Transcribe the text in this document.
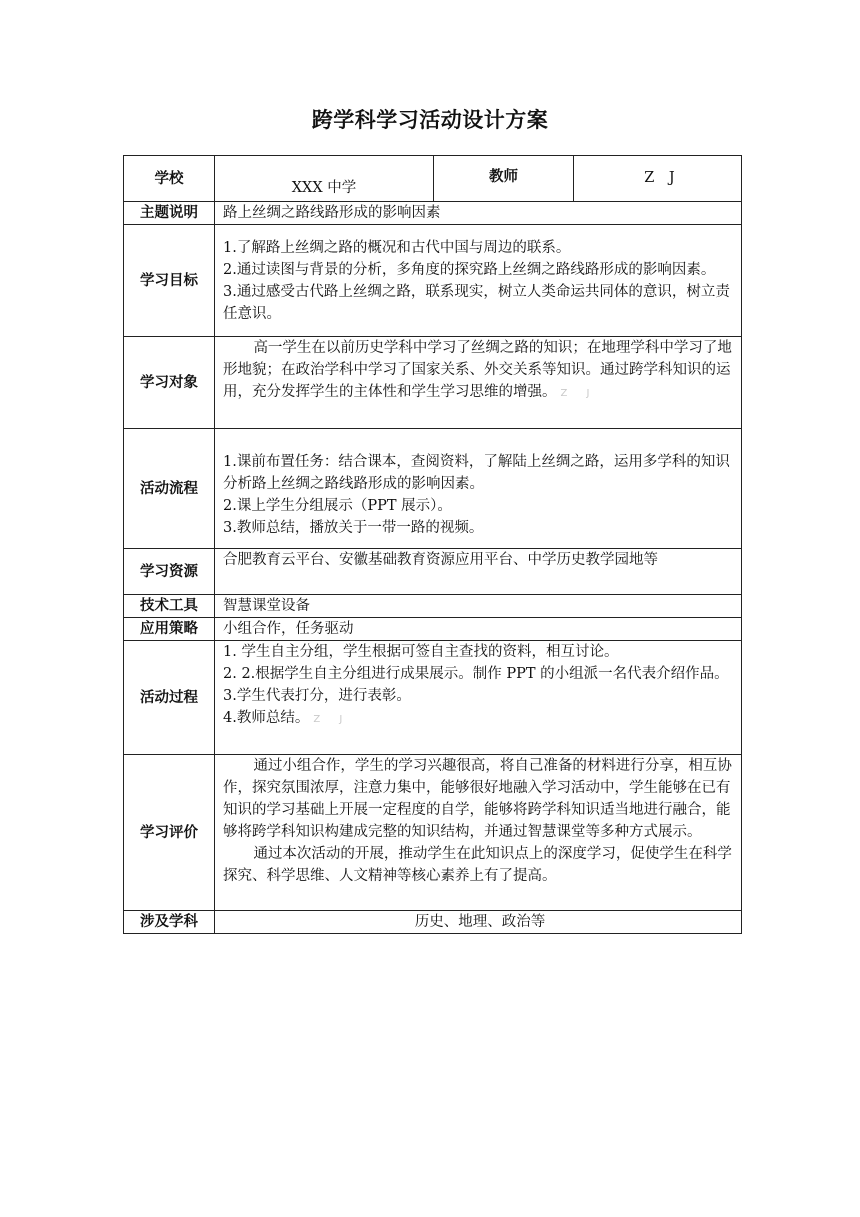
跨学科学习活动设计方案
学校	XXX 中学	教师	Z　J
主题说明	路上丝绸之路线路形成的影响因素		
学习目标	1.了解路上丝绸之路的概况和古代中国与周边的联系。

2.通过读图与背景的分析，多角度的探究路上丝绸之路线路形成的影响因素。

3.通过感受古代路上丝绸之路，联系现实，树立人类命运共同体的意识，树立责任意识。		

学习对象	高一学生在以前历史学科中学习了丝绸之路的知识；在地理学科中学习了地形地貌；在政治学科中学习了国家关系、外交关系等知识。通过跨学科知识的运用，充分发挥学生的主体性和学生学习思维的增强。 Z J		

活动流程	1.课前布置任务：结合课本，查阅资料，了解陆上丝绸之路，运用多学科的知识分析路上丝绸之路线路形成的影响因素。

2.课上学生分组展示（PPT 展示）。

3.教师总结，播放关于一带一路的视频。		

学习资源	合肥教育云平台、安徽基础教育资源应用平台、中学历史教学园地等		
技术工具	智慧课堂设备		
应用策略	小组合作，任务驱动		
活动过程	1. 学生自主分组，学生根据可签自主查找的资料，相互讨论。

2. 2.根据学生自主分组进行成果展示。制作 PPT 的小组派一名代表介绍作品。

3.学生代表打分，进行表彰。

4.教师总结。 Z J		

学习评价	通过小组合作，学生的学习兴趣很高，将自己准备的材料进行分享，相互协作，探究氛围浓厚，注意力集中，能够很好地融入学习活动中，学生能够在已有知识的学习基础上开展一定程度的自学，能够将跨学科知识适当地进行融合，能够将跨学科知识构建成完整的知识结构，并通过智慧课堂等多种方式展示。

通过本次活动的开展，推动学生在此知识点上的深度学习，促使学生在科学探究、科学思维、人文精神等核心素养上有了提高。		

涉及学科	历史、地理、政治等		
